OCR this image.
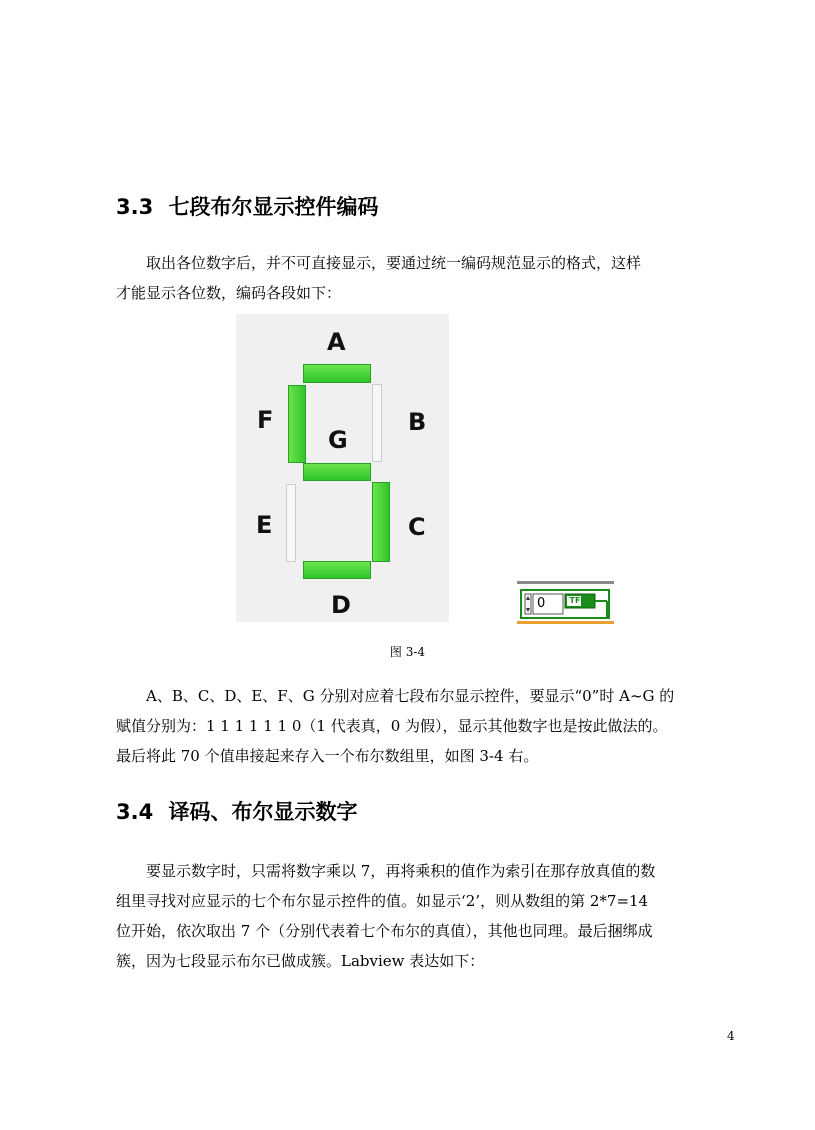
3.3 七段布尔显示控件编码

取出各位数字后，并不可直接显示，要通过统一编码规范显示的格式，这样
才能显示各位数，编码各段如下：

A
F	B
G
E	C
D	0	TF
图 3-4

A、B、C、D、E、F、G 分别对应着七段布尔显示控件，要显示“0”时 A~G 的
赋值分别为：1 1 1 1 1 1 0（1 代表真，0 为假），显示其他数字也是按此做法的。
最后将此 70 个值串接起来存入一个布尔数组里，如图 3-4 右。

3.4 译码、布尔显示数字

要显示数字时，只需将数字乘以 7，再将乘积的值作为索引在那存放真值的数
组里寻找对应显示的七个布尔显示控件的值。如显示‘2’，则从数组的第 2*7=14
位开始，依次取出 7 个（分别代表着七个布尔的真值），其他也同理。最后捆绑成
簇，因为七段显示布尔已做成簇。Labview 表达如下：

4
